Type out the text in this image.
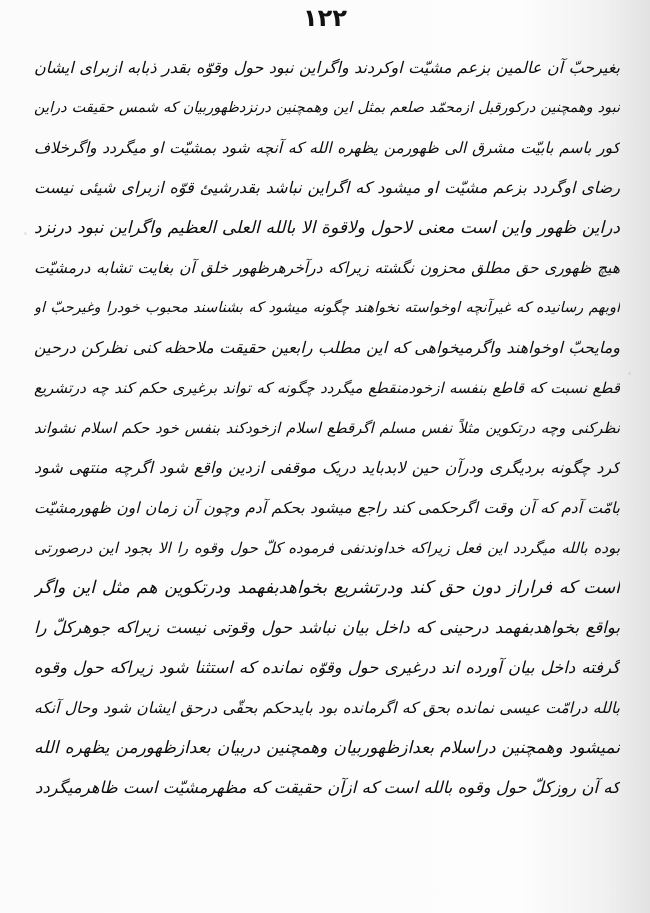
۱۲۲
بغیرحبّ آن عالمین بزعم مشیّت اوکردند واگراین نبود حول وقوّه بقدر ذبابه ازبرای ایشان
نبود وهمچنین درکورقبل ازمحمّد صلعم بمثل این وهمچنین درنزدظهوربیان که شمس حقیقت دراین
کور باسم بابیّت مشرق الی ظهورمن یظهره الله که آنچه شود بمشیّت او میگردد واگرخلاف
رضای اوگردد بزعم مشیّت او میشود که اگراین نباشد بقدرشیئ قوّه ازبرای شیئی نیست
دراین ظهور واین است معنی لاحول ولاقوة الا بالله العلی العظیم واگراین نبود درنزد
هیچ ظهوری حق مطلق محزون نگشته زیراکه درآخرهرظهور خلق آن بغایت تشابه درمشیّت
اوبهم رسانیده که غیرآنچه اوخواسته نخواهند چگونه میشود که بشناسند محبوب خودرا وغیرحبّ او
ومایحبّ اوخواهند واگرمیخواهی که این مطلب رابعین حقیقت ملاحظه کنی نظرکن درحین
قطع نسبت که قاطع بنفسه ازخودمنقطع میگردد چگونه که تواند برغیری حکم کند چه درتشریع
نظرکنی وچه درتکوین مثلاً نفس مسلم اگرقطع اسلام ازخودکند بنفس خود حکم اسلام نشواند
کرد چگونه بردیگری ودرآن حین لابدباید دریک موقفی ازدین واقع شود اگرچه منتهی شود
بامّت آدم که آن وقت اگرحکمی کند راجع میشود بحکم آدم وچون آن زمان اون ظهورمشیّت
بوده بالله میگردد این فعل زیراکه خداوندنفی فرموده کلّ حول وقوه را الا بجود این درصورتی
است که فراراز دون حق کند ودرتشریع بخواهدبفهمد ودرتکوین هم مثل این واگر
بواقع بخواهدبفهمد درحینی که داخل بیان نباشد حول وقوتی نیست زیراکه جوهرکلّ را
گرفته داخل بیان آورده اند درغیری حول وقوّه نمانده که استثنا شود زیراکه حول وقوه
بالله درامّت عیسی نمانده بحق که اگرمانده بود بایدحکم بحقّی درحق ایشان شود وحال آنکه
نمیشود وهمچنین دراسلام بعدازظهوربیان وهمچنین دربیان بعدازظهورمن یظهره الله
که آن روزکلّ حول وقوه بالله است که ازآن حقیقت که مظهرمشیّت است ظاهرمیگردد
